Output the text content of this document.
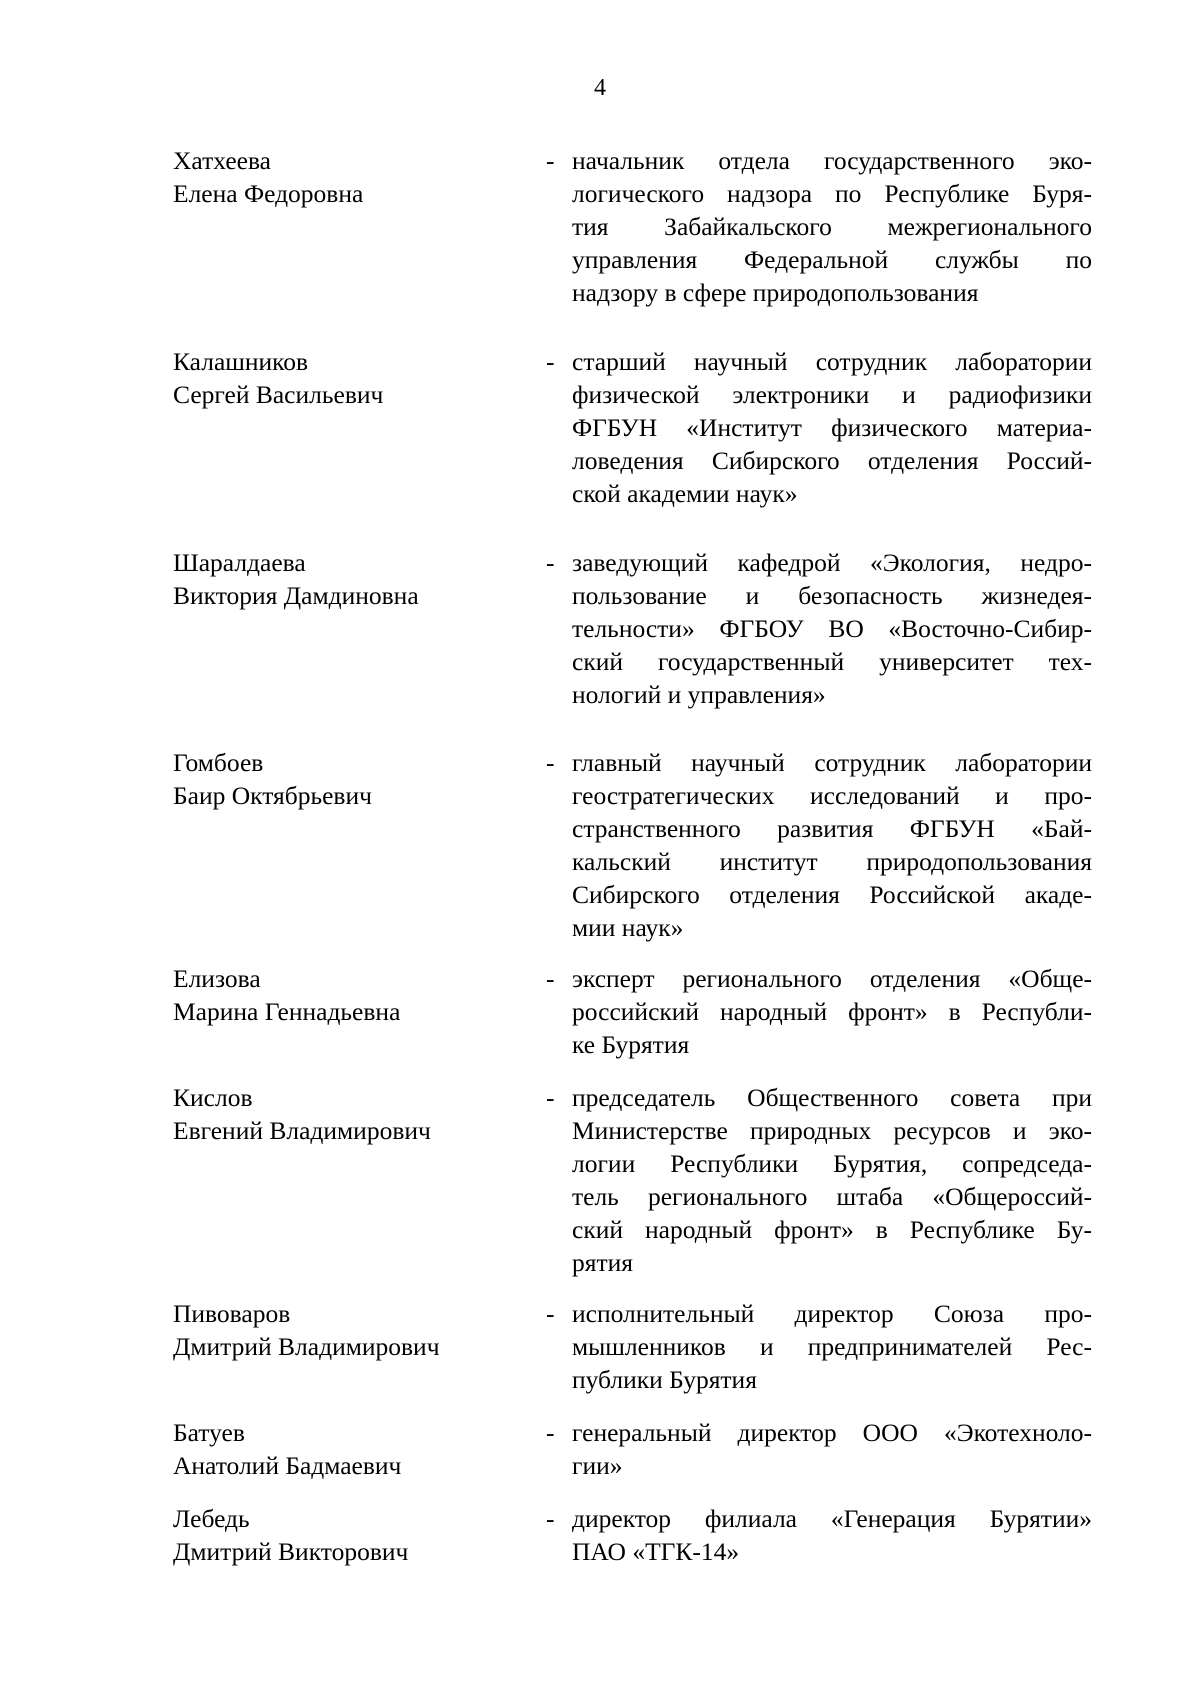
4
Хатхеева
Елена Федоровна
- начальник отдела государственного эко-
логического надзора по Республике Буря-
тия Забайкальского межрегионального
управления Федеральной службы по
надзору в сфере природопользования
Калашников
Сергей Васильевич
- старший научный сотрудник лаборатории
физической электроники и радиофизики
ФГБУН «Институт физического материа-
ловедения Сибирского отделения Россий-
ской академии наук»
Шаралдаева
Виктория Дамдиновна
- заведующий кафедрой «Экология, недро-
пользование и безопасность жизнедея-
тельности» ФГБОУ ВО «Восточно-Сибир-
ский государственный университет тех-
нологий и управления»
Гомбоев
Баир Октябрьевич
- главный научный сотрудник лаборатории
геостратегических исследований и про-
странственного развития ФГБУН «Бай-
кальский институт природопользования
Сибирского отделения Российской акаде-
мии наук»
Елизова
Марина Геннадьевна
- эксперт регионального отделения «Обще-
российский народный фронт» в Республи-
ке Бурятия
Кислов
Евгений Владимирович
- председатель Общественного совета при
Министерстве природных ресурсов и эко-
логии Республики Бурятия, сопредседа-
тель регионального штаба «Общероссий-
ский народный фронт» в Республике Бу-
рятия
Пивоваров
Дмитрий Владимирович
- исполнительный директор Союза про-
мышленников и предпринимателей Рес-
публики Бурятия
Батуев
Анатолий Бадмаевич
- генеральный директор ООО «Экотехноло-
гии»
Лебедь
Дмитрий Викторович
- директор филиала «Генерация Бурятии»
ПАО «ТГК-14»
